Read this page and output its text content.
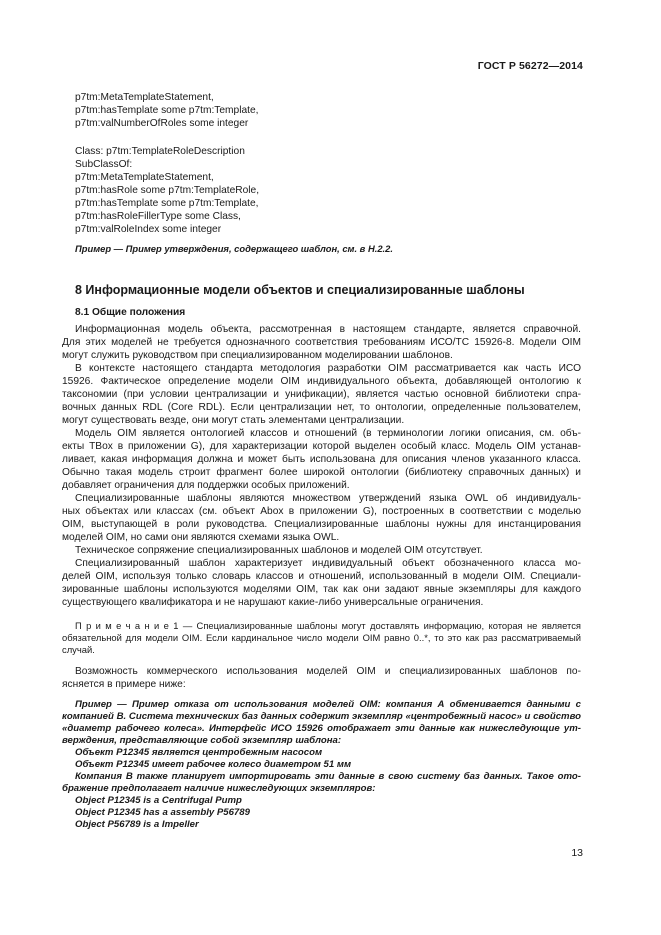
ГОСТ Р 56272—2014
p7tm:MetaTemplateStatement,
p7tm:hasTemplate some p7tm:Template,
p7tm:valNumberOfRoles some integer
Class: p7tm:TemplateRoleDescription
SubClassOf:
p7tm:MetaTemplateStatement,
p7tm:hasRole some p7tm:TemplateRole,
p7tm:hasTemplate some p7tm:Template,
p7tm:hasRoleFillerType some Class,
p7tm:valRoleIndex some integer
Пример — Пример утверждения, содержащего шаблон, см. в Н.2.2.
8 Информационные модели объектов и специализированные шаблоны
8.1 Общие положения
Информационная модель объекта, рассмотренная в настоящем стандарте, является справочной.
Для этих моделей не требуется однозначного соответствия требованиям ИСО/ТС 15926-8. Модели OIM
могут служить руководством при специализированном моделировании шаблонов.
В контексте настоящего стандарта методология разработки OIM рассматривается как часть ИСО
15926. Фактическое определение модели OIM индивидуального объекта, добавляющей онтологию к
таксономии (при условии централизации и унификации), является частью основной библиотеки спра-
вочных данных RDL (Core RDL). Если централизации нет, то онтологии, определенные пользователем,
могут существовать везде, они могут стать элементами централизации.
Модель OIM является онтологией классов и отношений (в терминологии логики описания, см. объ-
екты TBox в приложении G), для характеризации которой выделен особый класс. Модель OIM устанав-
ливает, какая информация должна и может быть использована для описания членов указанного класса.
Обычно такая модель строит фрагмент более широкой онтологии (библиотеку справочных данных) и
добавляет ограничения для поддержки особых приложений.
Специализированные шаблоны являются множеством утверждений языка OWL об индивидуаль-
ных объектах или классах (см. объект Abox в приложении G), построенных в соответствии с моделью
OIM, выступающей в роли руководства. Специализированные шаблоны нужны для инстанцирования
моделей OIM, но сами они являются схемами языка OWL.
Техническое сопряжение специализированных шаблонов и моделей OIM отсутствует.
Специализированный шаблон характеризует индивидуальный объект обозначенного класса мо-
делей OIM, используя только словарь классов и отношений, использованный в модели OIM. Специали-
зированные шаблоны используются моделями OIM, так как они задают явные экземпляры для каждого
существующего квалификатора и не нарушают какие-либо универсальные ограничения.
П р и м е ч а н и е 1 — Специализированные шаблоны могут доставлять информацию, которая не является
обязательной для модели OIM. Если кардинальное число модели OIM равно 0..*, то это как раз рассматриваемый
случай.
Возможность коммерческого использования моделей OIM и специализированных шаблонов по-
ясняется в примере ниже:
Пример — Пример отказа от использования моделей OIM: компания А обменивается данными с
компанией В. Система технических баз данных содержит экземпляр «центробежный насос» и свойство
«диаметр рабочего колеса». Интерфейс ИСО 15926 отображает эти данные как нижеследующие ут-
верждения, представляющие собой экземпляр шаблона:
Объект P12345 является центробежным насосом
Объект P12345 имеет рабочее колесо диаметром 51 мм
Компания В также планирует импортировать эти данные в свою систему баз данных. Такое ото-
бражение предполагает наличие нижеследующих экземпляров:
Object P12345 is a Centrifugal Pump
Object P12345 has a assembly P56789
Object P56789 is a Impeller
13
